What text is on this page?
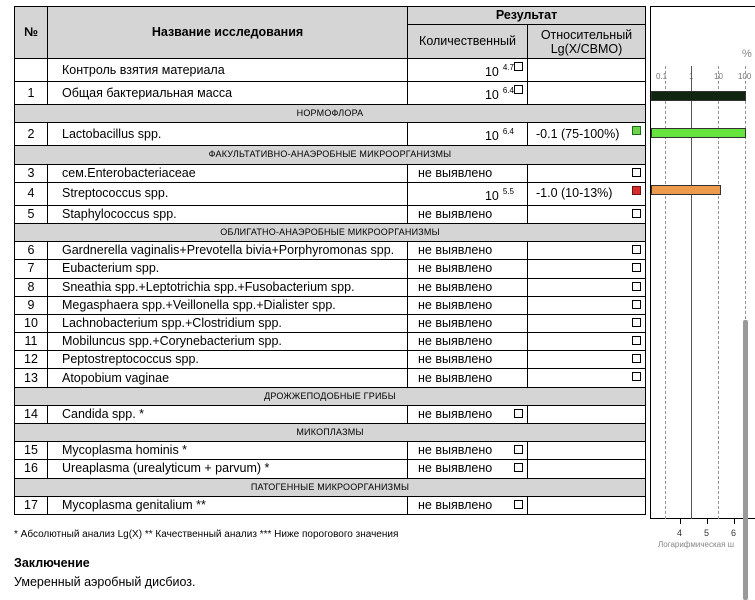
№	Название исследования	Результат	
		Количественный	Относительный
Lg(X/СВМО)
	Контроль взятия материала	10 $^{4.7}$

1	Общая бактериальная масса	10 $^{6.4}$

НОРМОФЛОРА			
2	Lactobacillus spp.	10 $^{6.4}$	-0.1 (75-100%)

ФАКУЛЬТАТИВНО-АНАЭРОБНЫЕ МИКРООРГАНИЗМЫ			
3	сем.Enterobacteriaceae	не выявлено	

4	Streptococcus spp.	10 $^{5.5}$	-1.0 (10-13%)

5	Staphylococcus spp.	не выявлено	

ОБЛИГАТНО-АНАЭРОБНЫЕ МИКРООРГАНИЗМЫ			
6	Gardnerella vaginalis+Prevotella bivia+Porphyromonas spp.	не выявлено	

7	Eubacterium spp.	не выявлено	

8	Sneathia spp.+Leptotrichia spp.+Fusobacterium spp.	не выявлено	

9	Megasphaera spp.+Veillonella spp.+Dialister spp.	не выявлено	

10	Lachnobacterium spp.+Clostridium spp.	не выявлено	

11	Mobiluncus spp.+Corynebacterium spp.	не выявлено	

12	Peptostreptococcus spp.	не выявлено	

13	Atopobium vaginae	не выявлено	

ДРОЖЖЕПОДОБНЫЕ ГРИБЫ			
14	Candida spp. *	не выявлено

МИКОПЛАЗМЫ			
15	Mycoplasma hominis *	не выявлено

16	Ureaplasma (urealyticum + parvum) *	не выявлено

ПАТОГЕННЫЕ МИКРООРГАНИЗМЫ			
17	Mycoplasma genitalium **	не выявлено

%
0.1	1	10 100
4 5 6
Логарифмическая ш
* Абсолютный анализ Lg(X) ** Качественный анализ *** Ниже порогового значения
Заключение
Умеренный аэробный дисбиоз.
